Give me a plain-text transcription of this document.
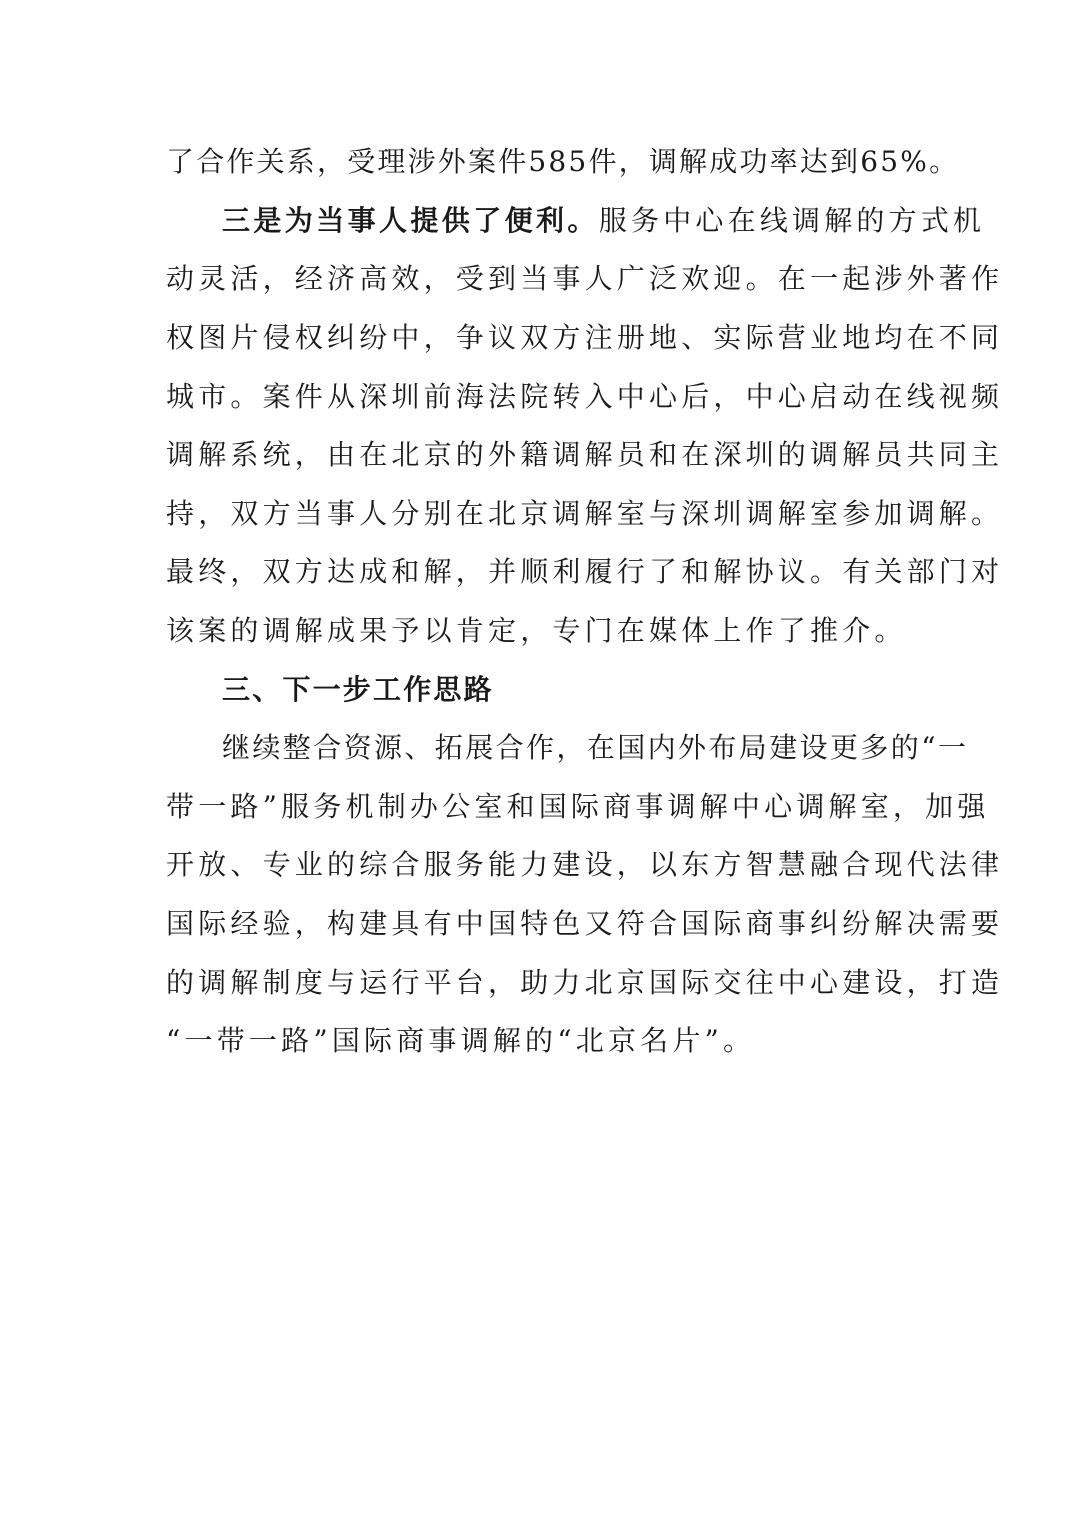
了合作关系，受理涉外案件585件，调解成功率达到65%。
三是为当事人提供了便利。服务中心在线调解的方式机
动灵活，经济高效，受到当事人广泛欢迎。在一起涉外著作
权图片侵权纠纷中，争议双方注册地、实际营业地均在不同
城市。案件从深圳前海法院转入中心后，中心启动在线视频
调解系统，由在北京的外籍调解员和在深圳的调解员共同主
持，双方当事人分别在北京调解室与深圳调解室参加调解。
最终，双方达成和解，并顺利履行了和解协议。有关部门对
该案的调解成果予以肯定，专门在媒体上作了推介。
三、下一步工作思路
继续整合资源、拓展合作，在国内外布局建设更多的“一
带一路”服务机制办公室和国际商事调解中心调解室，加强
开放、专业的综合服务能力建设，以东方智慧融合现代法律
国际经验，构建具有中国特色又符合国际商事纠纷解决需要
的调解制度与运行平台，助力北京国际交往中心建设，打造
“一带一路”国际商事调解的“北京名片”。
